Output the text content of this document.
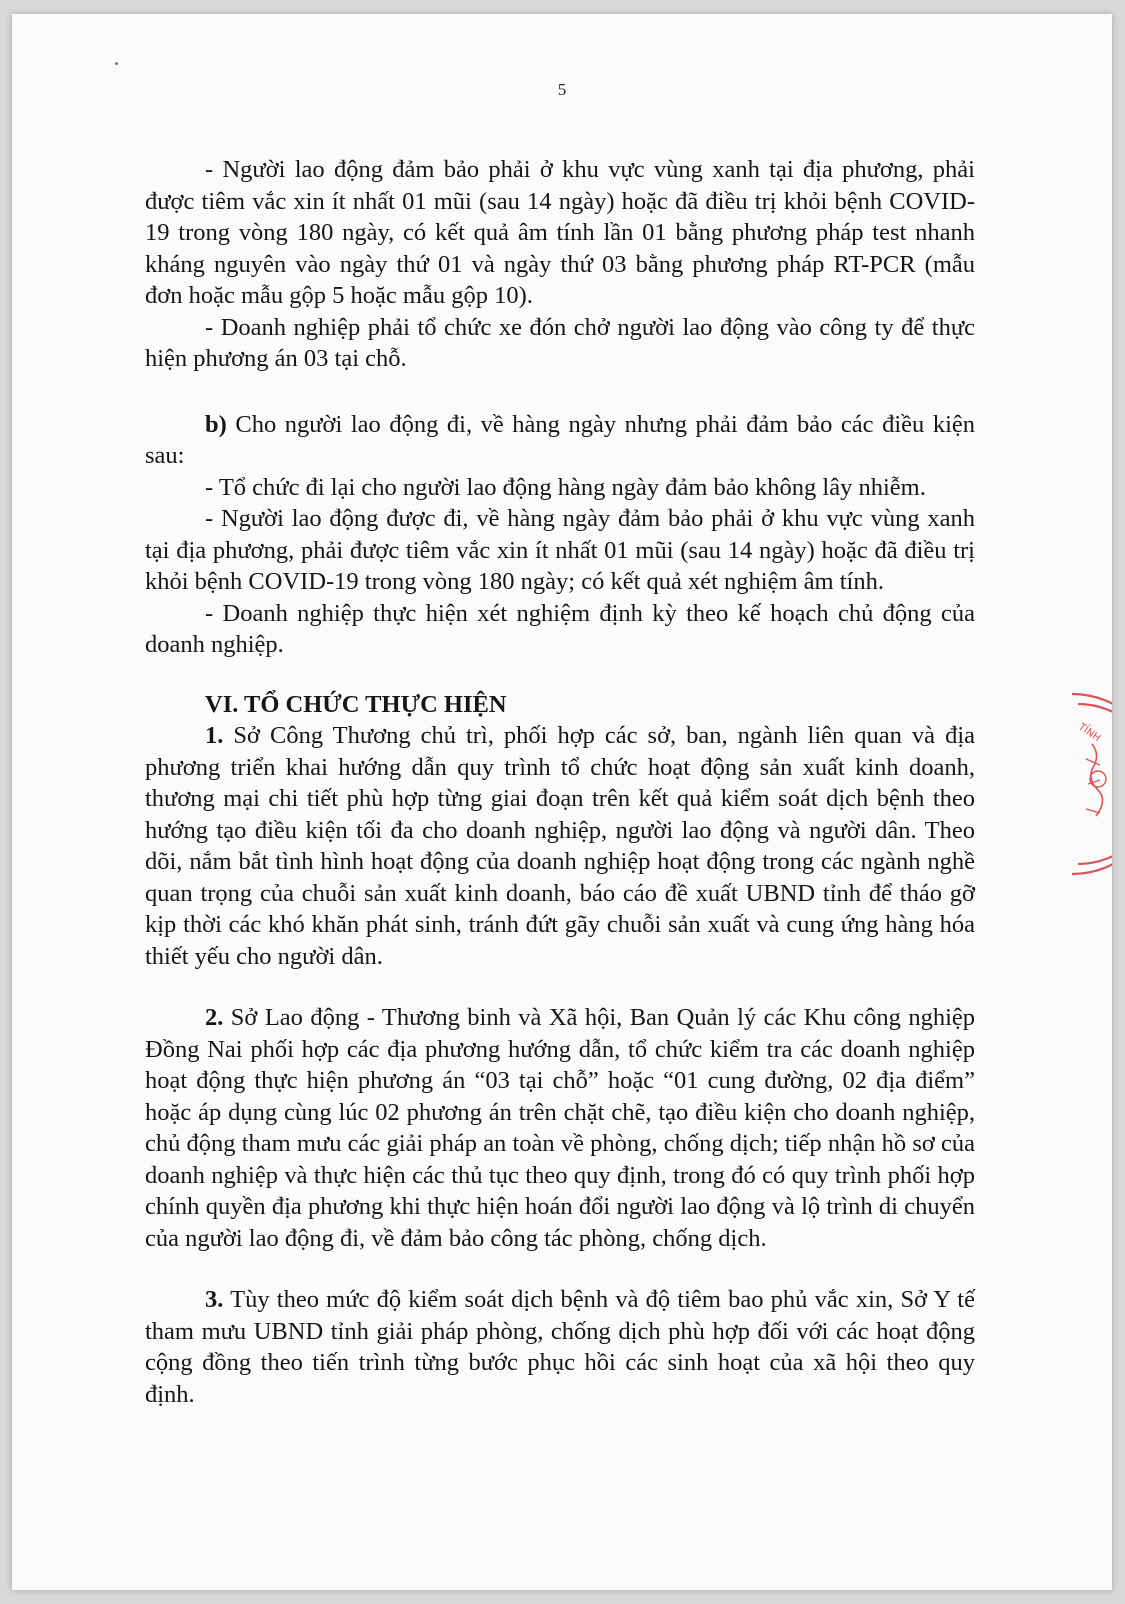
5

- Người lao động đảm bảo phải ở khu vực vùng xanh tại địa phương, phải được tiêm vắc xin ít nhất 01 mũi (sau 14 ngày) hoặc đã điều trị khỏi bệnh COVID-19 trong vòng 180 ngày, có kết quả âm tính lần 01 bằng phương pháp test nhanh kháng nguyên vào ngày thứ 01 và ngày thứ 03 bằng phương pháp RT-PCR (mẫu đơn hoặc mẫu gộp 5 hoặc mẫu gộp 10).

- Doanh nghiệp phải tổ chức xe đón chở người lao động vào công ty để thực hiện phương án 03 tại chỗ.

b) Cho người lao động đi, về hàng ngày nhưng phải đảm bảo các điều kiện sau:

- Tổ chức đi lại cho người lao động hàng ngày đảm bảo không lây nhiễm.

- Người lao động được đi, về hàng ngày đảm bảo phải ở khu vực vùng xanh tại địa phương, phải được tiêm vắc xin ít nhất 01 mũi (sau 14 ngày) hoặc đã điều trị khỏi bệnh COVID-19 trong vòng 180 ngày; có kết quả xét nghiệm âm tính.

- Doanh nghiệp thực hiện xét nghiệm định kỳ theo kế hoạch chủ động của doanh nghiệp.

VI. TỔ CHỨC THỰC HIỆN

1. Sở Công Thương chủ trì, phối hợp các sở, ban, ngành liên quan và địa phương triển khai hướng dẫn quy trình tổ chức hoạt động sản xuất kinh doanh, thương mại chi tiết phù hợp từng giai đoạn trên kết quả kiểm soát dịch bệnh theo hướng tạo điều kiện tối đa cho doanh nghiệp, người lao động và người dân. Theo dõi, nắm bắt tình hình hoạt động của doanh nghiệp hoạt động trong các ngành nghề quan trọng của chuỗi sản xuất kinh doanh, báo cáo đề xuất UBND tỉnh để tháo gỡ kịp thời các khó khăn phát sinh, tránh đứt gãy chuỗi sản xuất và cung ứng hàng hóa thiết yếu cho người dân.

2. Sở Lao động - Thương binh và Xã hội, Ban Quản lý các Khu công nghiệp Đồng Nai phối hợp các địa phương hướng dẫn, tổ chức kiểm tra các doanh nghiệp hoạt động thực hiện phương án “03 tại chỗ” hoặc “01 cung đường, 02 địa điểm” hoặc áp dụng cùng lúc 02 phương án trên chặt chẽ, tạo điều kiện cho doanh nghiệp, chủ động tham mưu các giải pháp an toàn về phòng, chống dịch; tiếp nhận hồ sơ của doanh nghiệp và thực hiện các thủ tục theo quy định, trong đó có quy trình phối hợp chính quyền địa phương khi thực hiện hoán đổi người lao động và lộ trình di chuyển của người lao động đi, về đảm bảo công tác phòng, chống dịch.

3. Tùy theo mức độ kiểm soát dịch bệnh và độ tiêm bao phủ vắc xin, Sở Y tế tham mưu UBND tỉnh giải pháp phòng, chống dịch phù hợp đối với các hoạt động cộng đồng theo tiến trình từng bước phục hồi các sinh hoạt của xã hội theo quy định.

TỈNH
